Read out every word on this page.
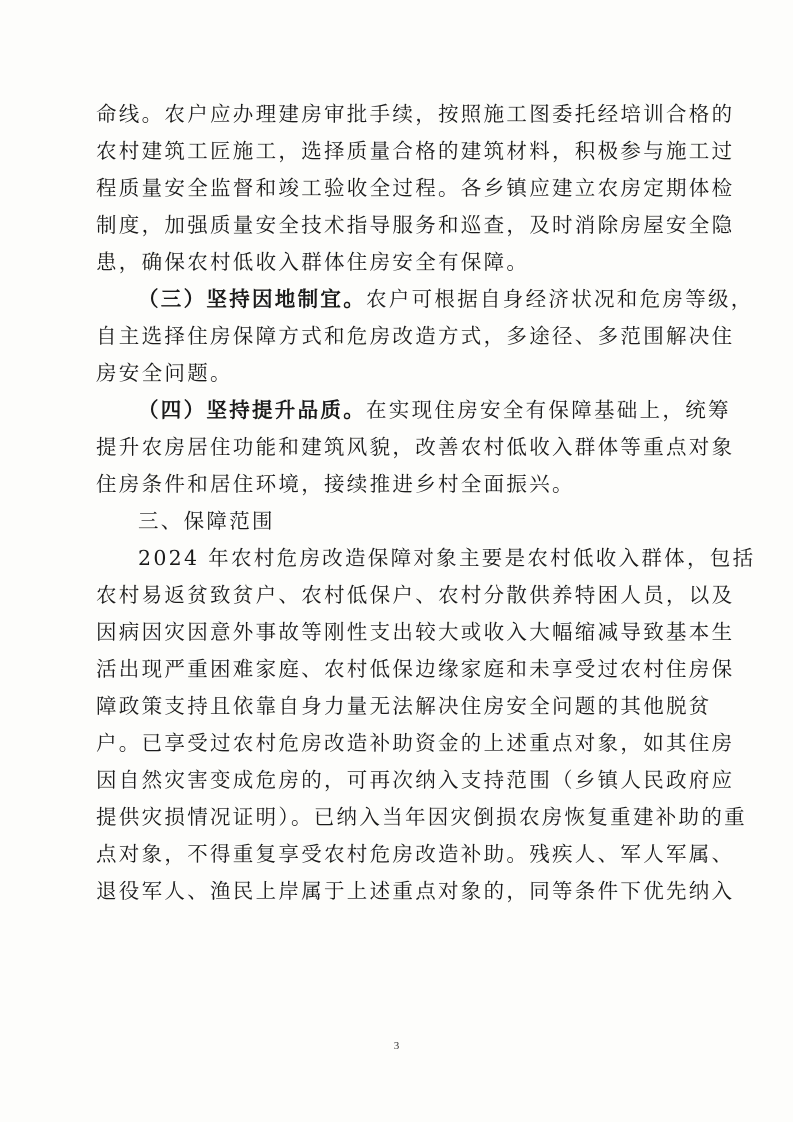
命线。农户应办理建房审批手续，按照施工图委托经培训合格的
农村建筑工匠施工，选择质量合格的建筑材料，积极参与施工过
程质量安全监督和竣工验收全过程。各乡镇应建立农房定期体检
制度，加强质量安全技术指导服务和巡查，及时消除房屋安全隐
患，确保农村低收入群体住房安全有保障。
（三）坚持因地制宜。农户可根据自身经济状况和危房等级，
自主选择住房保障方式和危房改造方式，多途径、多范围解决住
房安全问题。
（四）坚持提升品质。在实现住房安全有保障基础上，统筹
提升农房居住功能和建筑风貌，改善农村低收入群体等重点对象
住房条件和居住环境，接续推进乡村全面振兴。
三、保障范围
2024 年农村危房改造保障对象主要是农村低收入群体，包括
农村易返贫致贫户、农村低保户、农村分散供养特困人员，以及
因病因灾因意外事故等刚性支出较大或收入大幅缩减导致基本生
活出现严重困难家庭、农村低保边缘家庭和未享受过农村住房保
障政策支持且依靠自身力量无法解决住房安全问题的其他脱贫
户。已享受过农村危房改造补助资金的上述重点对象，如其住房
因自然灾害变成危房的，可再次纳入支持范围（乡镇人民政府应
提供灾损情况证明）。已纳入当年因灾倒损农房恢复重建补助的重
点对象，不得重复享受农村危房改造补助。残疾人、军人军属、
退役军人、渔民上岸属于上述重点对象的，同等条件下优先纳入
3
